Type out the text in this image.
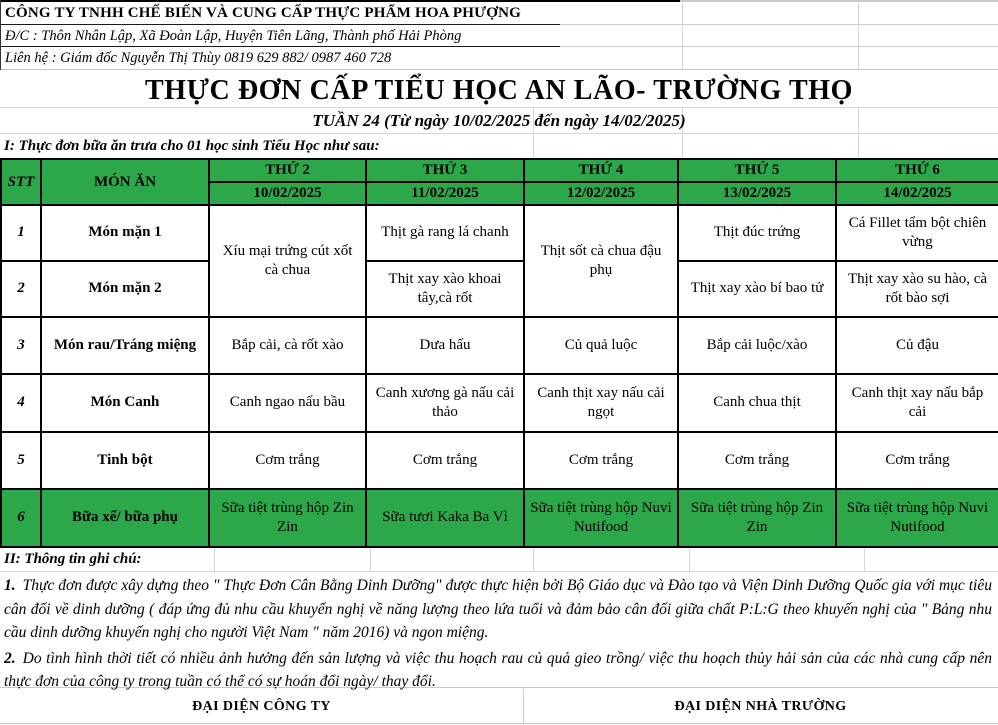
CÔNG TY TNHH CHẾ BIẾN VÀ CUNG CẤP THỰC PHẨM HOA PHƯỢNG
Đ/C : Thôn Nhân Lập, Xã Đoàn Lập, Huyện Tiên Lãng, Thành phố Hải Phòng
Liên hệ : Giám đốc Nguyễn Thị Thùy 0819 629 882/ 0987 460 728
THỰC ĐƠN CẤP TIỂU HỌC AN LÃO- TRƯỜNG THỌ
TUẦN 24 (Từ ngày 10/02/2025 đến ngày 14/02/2025)
I: Thực đơn bữa ăn trưa cho 01 học sinh Tiểu Học như sau:
STT	MÓN ĂN	THỨ 2	THỨ 3	THỨ 4	THỨ 5	THỨ 6
		10/02/2025	11/02/2025	12/02/2025	13/02/2025	14/02/2025
1	Món mặn 1	Xíu mại trứng cút xốt cà chua	Thịt gà rang lá chanh	Thịt sốt cà chua đậu phụ	Thịt đúc trứng	Cá Fillet tẩm bột chiên vừng
2	Món mặn 2		Thịt xay xào khoai tây,cà rốt		Thịt xay xào bí bao tử	Thịt xay xào su hào, cà rốt bào sợi
3	Món rau/Tráng miệng	Bắp cải, cà rốt xào	Dưa hấu	Củ quả luộc	Bắp cải luộc/xào	Củ đậu
4	Món Canh	Canh ngao nấu bầu	Canh xương gà nấu cải thảo	Canh thịt xay nấu cải ngọt	Canh chua thịt	Canh thịt xay nấu bắp cải
5	Tinh bột	Cơm trắng	Cơm trắng	Cơm trắng	Cơm trắng	Cơm trắng
6	Bữa xế/ bữa phụ	Sữa tiệt trùng hộp Zin Zin	Sữa tươi Kaka Ba Vì	Sữa tiệt trùng hộp Nuvi Nutifood	Sữa tiệt trùng hộp Zin Zin	Sữa tiệt trùng hộp Nuvi Nutifood
II: Thông tin ghi chú:

1. Thực đơn được xây dựng theo " Thực Đơn Cân Bằng Dinh Dưỡng" được thực hiện bởi Bộ Giáo dục và Đào tạo và Viện Dinh Dưỡng Quốc gia với mục tiêu cân đối về dinh dưỡng ( đáp ứng đủ nhu cầu khuyến nghị về năng lượng theo lứa tuổi và đảm bảo cân đối giữa chất P:L:G theo khuyến nghị của " Bảng nhu cầu dinh dưỡng khuyến nghị cho người Việt Nam " năm 2016) và ngon miệng.

2. Do tình hình thời tiết có nhiều ảnh hưởng đến sản lượng và việc thu hoạch rau củ quả gieo trồng/ việc thu hoạch thủy hải sản của các nhà cung cấp nên thực đơn của công ty trong tuần có thể có sự hoán đổi ngày/ thay đổi.

ĐẠI DIỆN CÔNG TY	ĐẠI DIỆN NHÀ TRƯỜNG
